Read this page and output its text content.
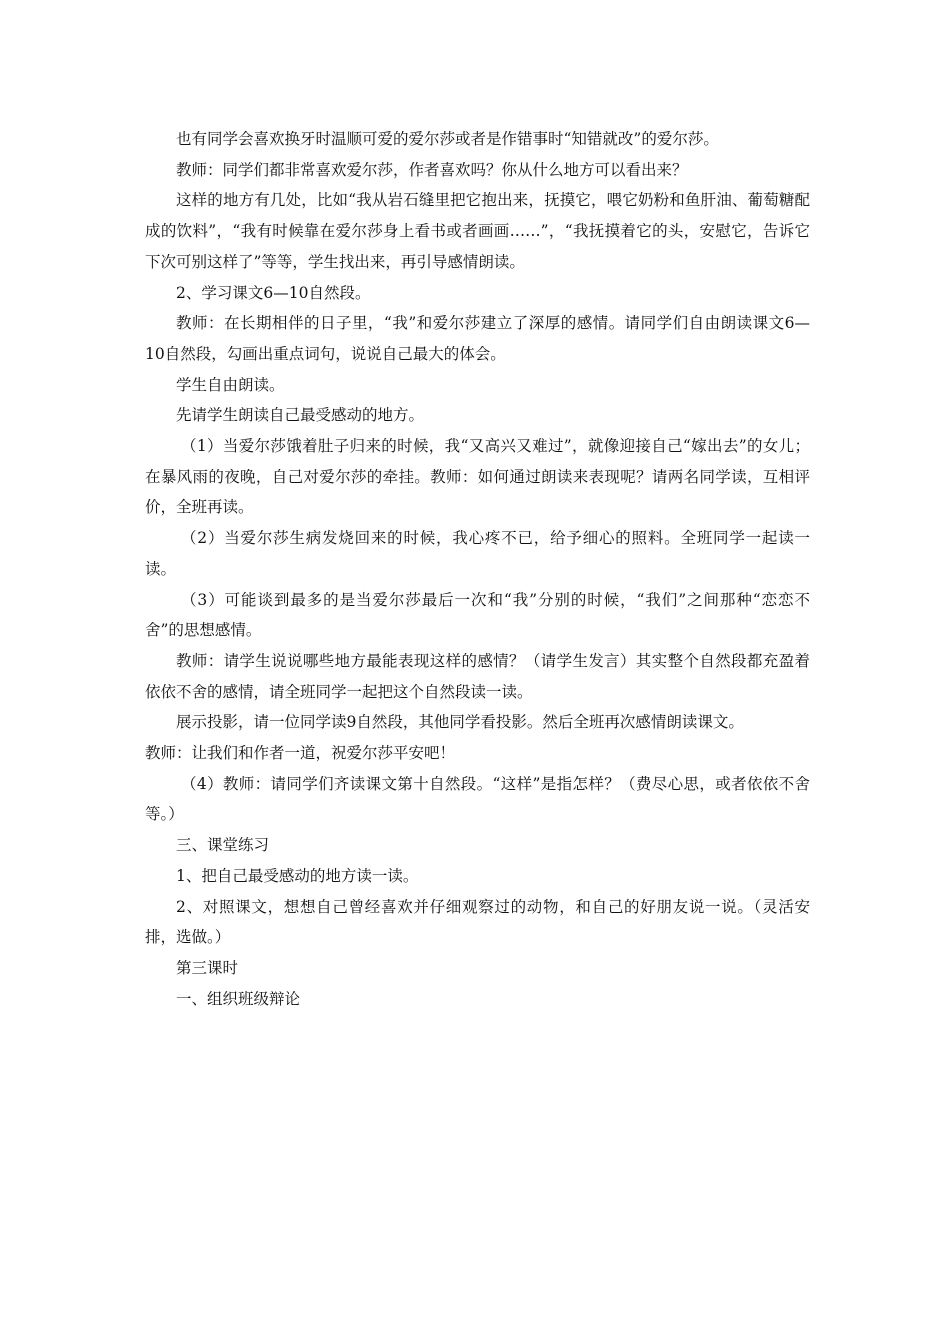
也有同学会喜欢换牙时温顺可爱的爱尔莎或者是作错事时“知错就改”的爱尔莎。

教师：同学们都非常喜欢爱尔莎，作者喜欢吗？你从什么地方可以看出来？

这样的地方有几处，比如“我从岩石缝里把它抱出来，抚摸它，喂它奶粉和鱼肝油、葡萄糖配成的饮料”，“我有时候靠在爱尔莎身上看书或者画画……”，“我抚摸着它的头，安慰它，告诉它下次可别这样了”等等，学生找出来，再引导感情朗读。

2、学习课文6—10自然段。

教师：在长期相伴的日子里，“我”和爱尔莎建立了深厚的感情。请同学们自由朗读课文6—10自然段，勾画出重点词句，说说自己最大的体会。

学生自由朗读。

先请学生朗读自己最受感动的地方。

（1）当爱尔莎饿着肚子归来的时候，我“又高兴又难过”，就像迎接自己“嫁出去”的女儿；在暴风雨的夜晚，自己对爱尔莎的牵挂。教师：如何通过朗读来表现呢？请两名同学读，互相评价，全班再读。

（2）当爱尔莎生病发烧回来的时候，我心疼不已，给予细心的照料。全班同学一起读一读。

（3）可能谈到最多的是当爱尔莎最后一次和“我”分别的时候，“我们”之间那种“恋恋不舍”的思想感情。

教师：请学生说说哪些地方最能表现这样的感情？（请学生发言）其实整个自然段都充盈着依依不舍的感情，请全班同学一起把这个自然段读一读。

展示投影，请一位同学读9自然段，其他同学看投影。然后全班再次感情朗读课文。

教师：让我们和作者一道，祝爱尔莎平安吧！

（4）教师：请同学们齐读课文第十自然段。“这样”是指怎样？（费尽心思，或者依依不舍等。）

三、课堂练习

1、把自己最受感动的地方读一读。

2、对照课文，想想自己曾经喜欢并仔细观察过的动物，和自己的好朋友说一说。（灵活安排，选做。）

第三课时

一、组织班级辩论
